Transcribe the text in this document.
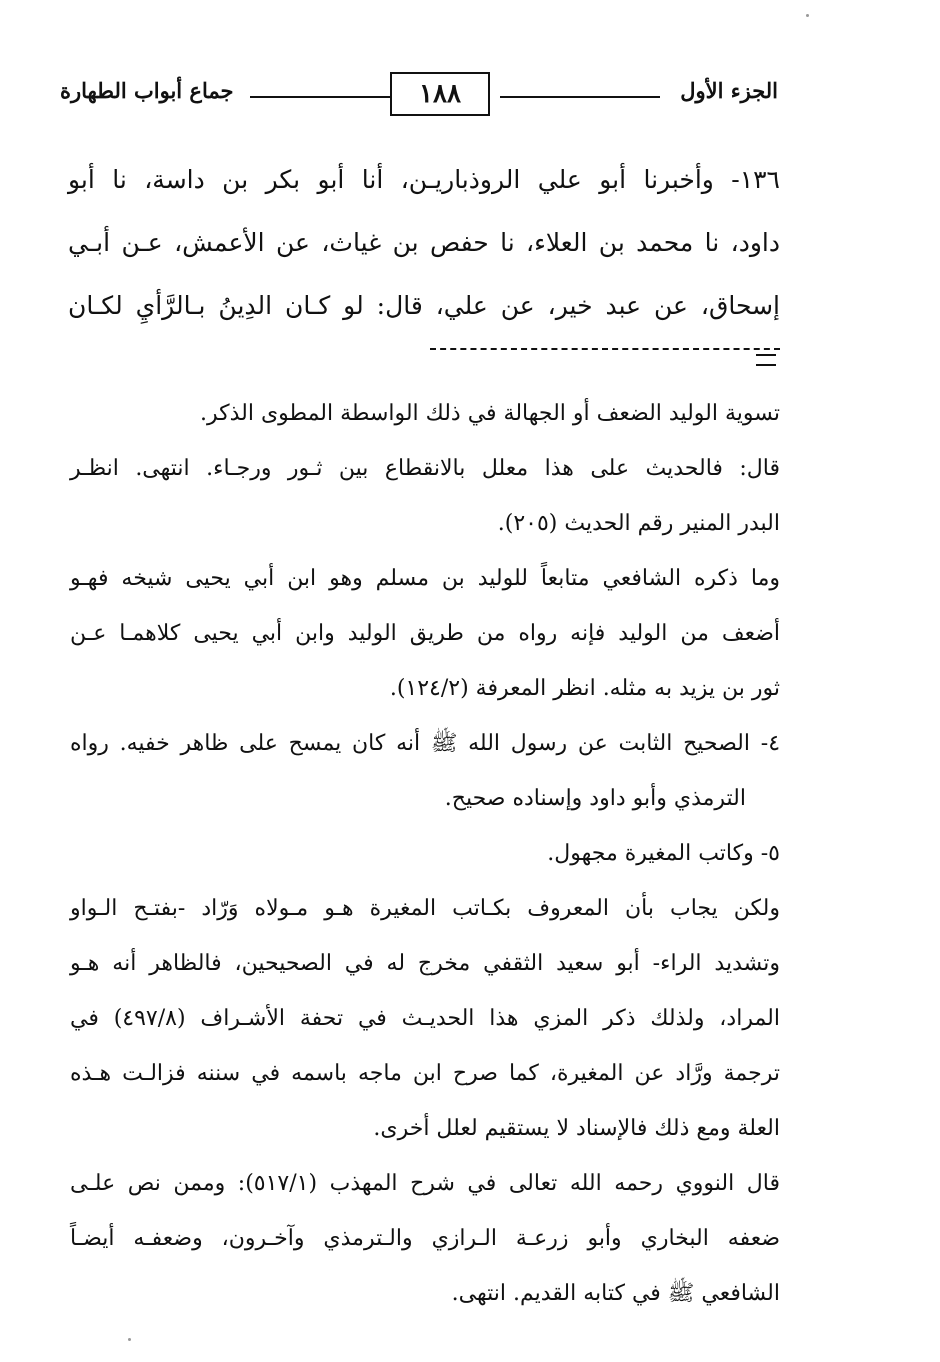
الجزء الأول
١٨٨
جماع أبواب الطهارة

١٣٦- وأخبرنا أبو علي الروذباريـن، أنا أبو بكر بن داسة، نا أبو

داود، نا محمد بن العلاء، نا حفص بن غياث، عن الأعمش، عـن أبـي

إسحاق، عن عبد خير، عن علي، قال: لو كـان الدِينُ بـالرَّأيِ لكـان

تسوية الوليد الضعف أو الجهالة في ذلك الواسطة المطوى الذكر.

قال: فالحديث على هذا معلل بالانقطاع بين ثـور ورجـاء. انتهى. انظـر

البدر المنير رقم الحديث (٢٠٥).

وما ذكره الشافعي متابعاً للوليد بن مسلم وهو ابن أبي يحيى شيخه فهـو

أضعف من الوليد فإنه رواه من طريق الوليد وابن أبي يحيى كلاهمـا عـن

ثور بن يزيد به مثله. انظر المعرفة (١٢٤/٢).

٤- الصحيح الثابت عن رسول الله ﷺ أنه كان يمسح على ظاهر خفيه. رواه

الترمذي وأبو داود وإسناده صحيح.

٥- وكاتب المغيرة مجهول.

ولكن يجاب بأن المعروف بكـاتب المغيرة هـو مـولاه وَرّاد -بفتـح الـواو

وتشديد الراء- أبو سعيد الثقفي مخرج له في الصحيحين، فالظاهر أنه هـو

المراد، ولذلك ذكر المزي هذا الحديـث في تحفة الأشـراف (٤٩٧/٨) في

ترجمة ورَّاد عن المغيرة، كما صرح ابن ماجه باسمه في سننه فزالـت هـذه

العلة ومع ذلك فالإسناد لا يستقيم لعلل أخرى.

قال النووي رحمه الله تعالى في شرح المهذب (٥١٧/١): وممن نص علـى

ضعفه البخاري وأبو زرعـة الـرازي والـترمذي وآخـرون، وضعفـه أيضـاً

الشافعي ﷺ في كتابه القديم. انتهى.
